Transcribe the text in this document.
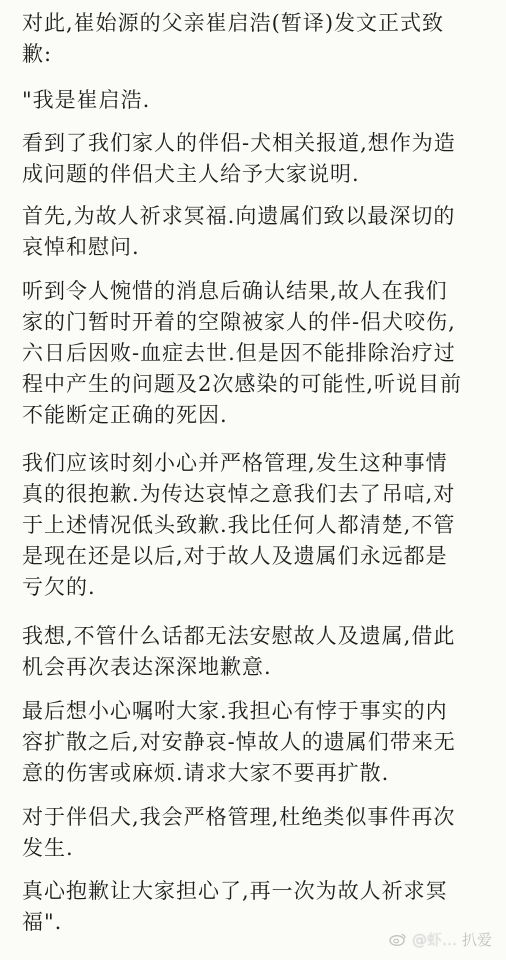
对此,崔始源的父亲崔启浩(暂译)发文正式致
歉:

"我是崔启浩.

看到了我们家人的伴侣-犬相关报道,想作为造
成问题的伴侣犬主人给予大家说明.

首先,为故人祈求冥福.向遗属们致以最深切的
哀悼和慰问.

听到令人惋惜的消息后确认结果,故人在我们
家的门暂时开着的空隙被家人的伴-侣犬咬伤,
六日后因败-血症去世.但是因不能排除治疗过
程中产生的问题及2次感染的可能性,听说目前
不能断定正确的死因.

我们应该时刻小心并严格管理,发生这种事情
真的很抱歉.为传达哀悼之意我们去了吊唁,对
于上述情况低头致歉.我比任何人都清楚,不管
是现在还是以后,对于故人及遗属们永远都是
亏欠的.

我想,不管什么话都无法安慰故人及遗属,借此
机会再次表达深深地歉意.

最后想小心嘱咐大家.我担心有悖于事实的内
容扩散之后,对安静哀-悼故人的遗属们带来无
意的伤害或麻烦.请求大家不要再扩散.

对于伴侣犬,我会严格管理,杜绝类似事件再次
发生.

真心抱歉让大家担心了,再一次为故人祈求冥
福".

@虾… 扒爱
